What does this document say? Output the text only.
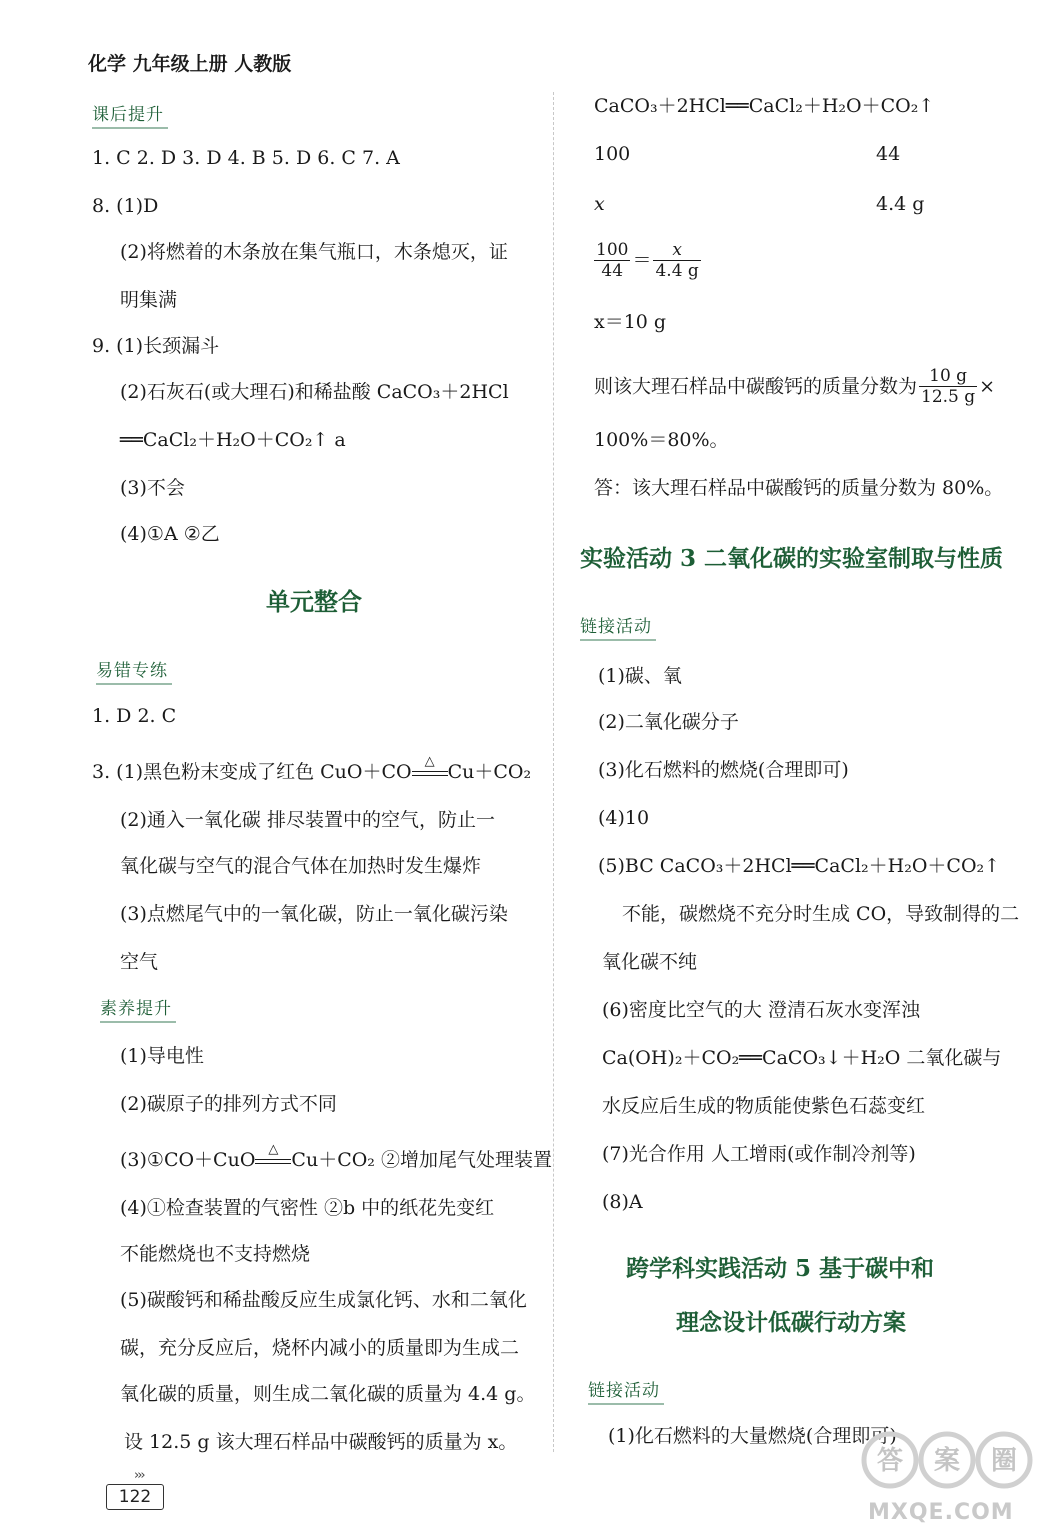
化学 九年级上册 人教版
课后提升
1. C 2. D 3. D 4. B 5. D 6. C 7. A
8. (1)D
(2)将燃着的木条放在集气瓶口，木条熄灭，证
明集满
9. (1)长颈漏斗
(2)石灰石(或大理石)和稀盐酸 CaCO₃＋2HCl
══CaCl₂＋H₂O＋CO₂↑ a
(3)不会
(4)①A ②乙
单元整合
易错专练
1. D 2. C
3. (1)黑色粉末变成了红色 CuO＋CO	△ Cu＋CO₂
(2)通入一氧化碳 排尽装置中的空气，防止一
氧化碳与空气的混合气体在加热时发生爆炸
(3)点燃尾气中的一氧化碳，防止一氧化碳污染
空气
素养提升
(1)导电性
(2)碳原子的排列方式不同
(3)①CO＋CuO	△ Cu＋CO₂ ②增加尾气处理装置
(4)①检查装置的气密性 ②b 中的纸花先变红
不能燃烧也不支持燃烧
(5)碳酸钙和稀盐酸反应生成氯化钙、水和二氧化
碳，充分反应后，烧杯内减小的质量即为生成二
氧化碳的质量，则生成二氧化碳的质量为 4.4 g。
设 12.5 g 该大理石样品中碳酸钙的质量为 x。
CaCO₃＋2HCl══CaCl₂＋H₂O＋CO₂↑
100	44
x	4.4 g
$\frac{100}{44} = \frac{x}{4.4 g}$
x＝10 g
则该大理石样品中碳酸钙的质量分数为 $\frac{10 g}{12.5 g}$ ×
100%＝80%。
答：该大理石样品中碳酸钙的质量分数为 80%。
实验活动 3 二氧化碳的实验室制取与性质
链接活动
(1)碳、氧
(2)二氧化碳分子
(3)化石燃料的燃烧(合理即可)
(4)10
(5)BC CaCO₃＋2HCl══CaCl₂＋H₂O＋CO₂↑
不能，碳燃烧不充分时生成 CO，导致制得的二
氧化碳不纯
(6)密度比空气的大 澄清石灰水变浑浊
Ca(OH)₂＋CO₂══CaCO₃↓＋H₂O 二氧化碳与
水反应后生成的物质能使紫色石蕊变红
(7)光合作用 人工增雨(或作制冷剂等)
(8)A
跨学科实践活动 5 基于碳中和
理念设计低碳行动方案
链接活动
(1)化石燃料的大量燃烧(合理即可)
›››
122
答 案 圈
MXQE.COM
